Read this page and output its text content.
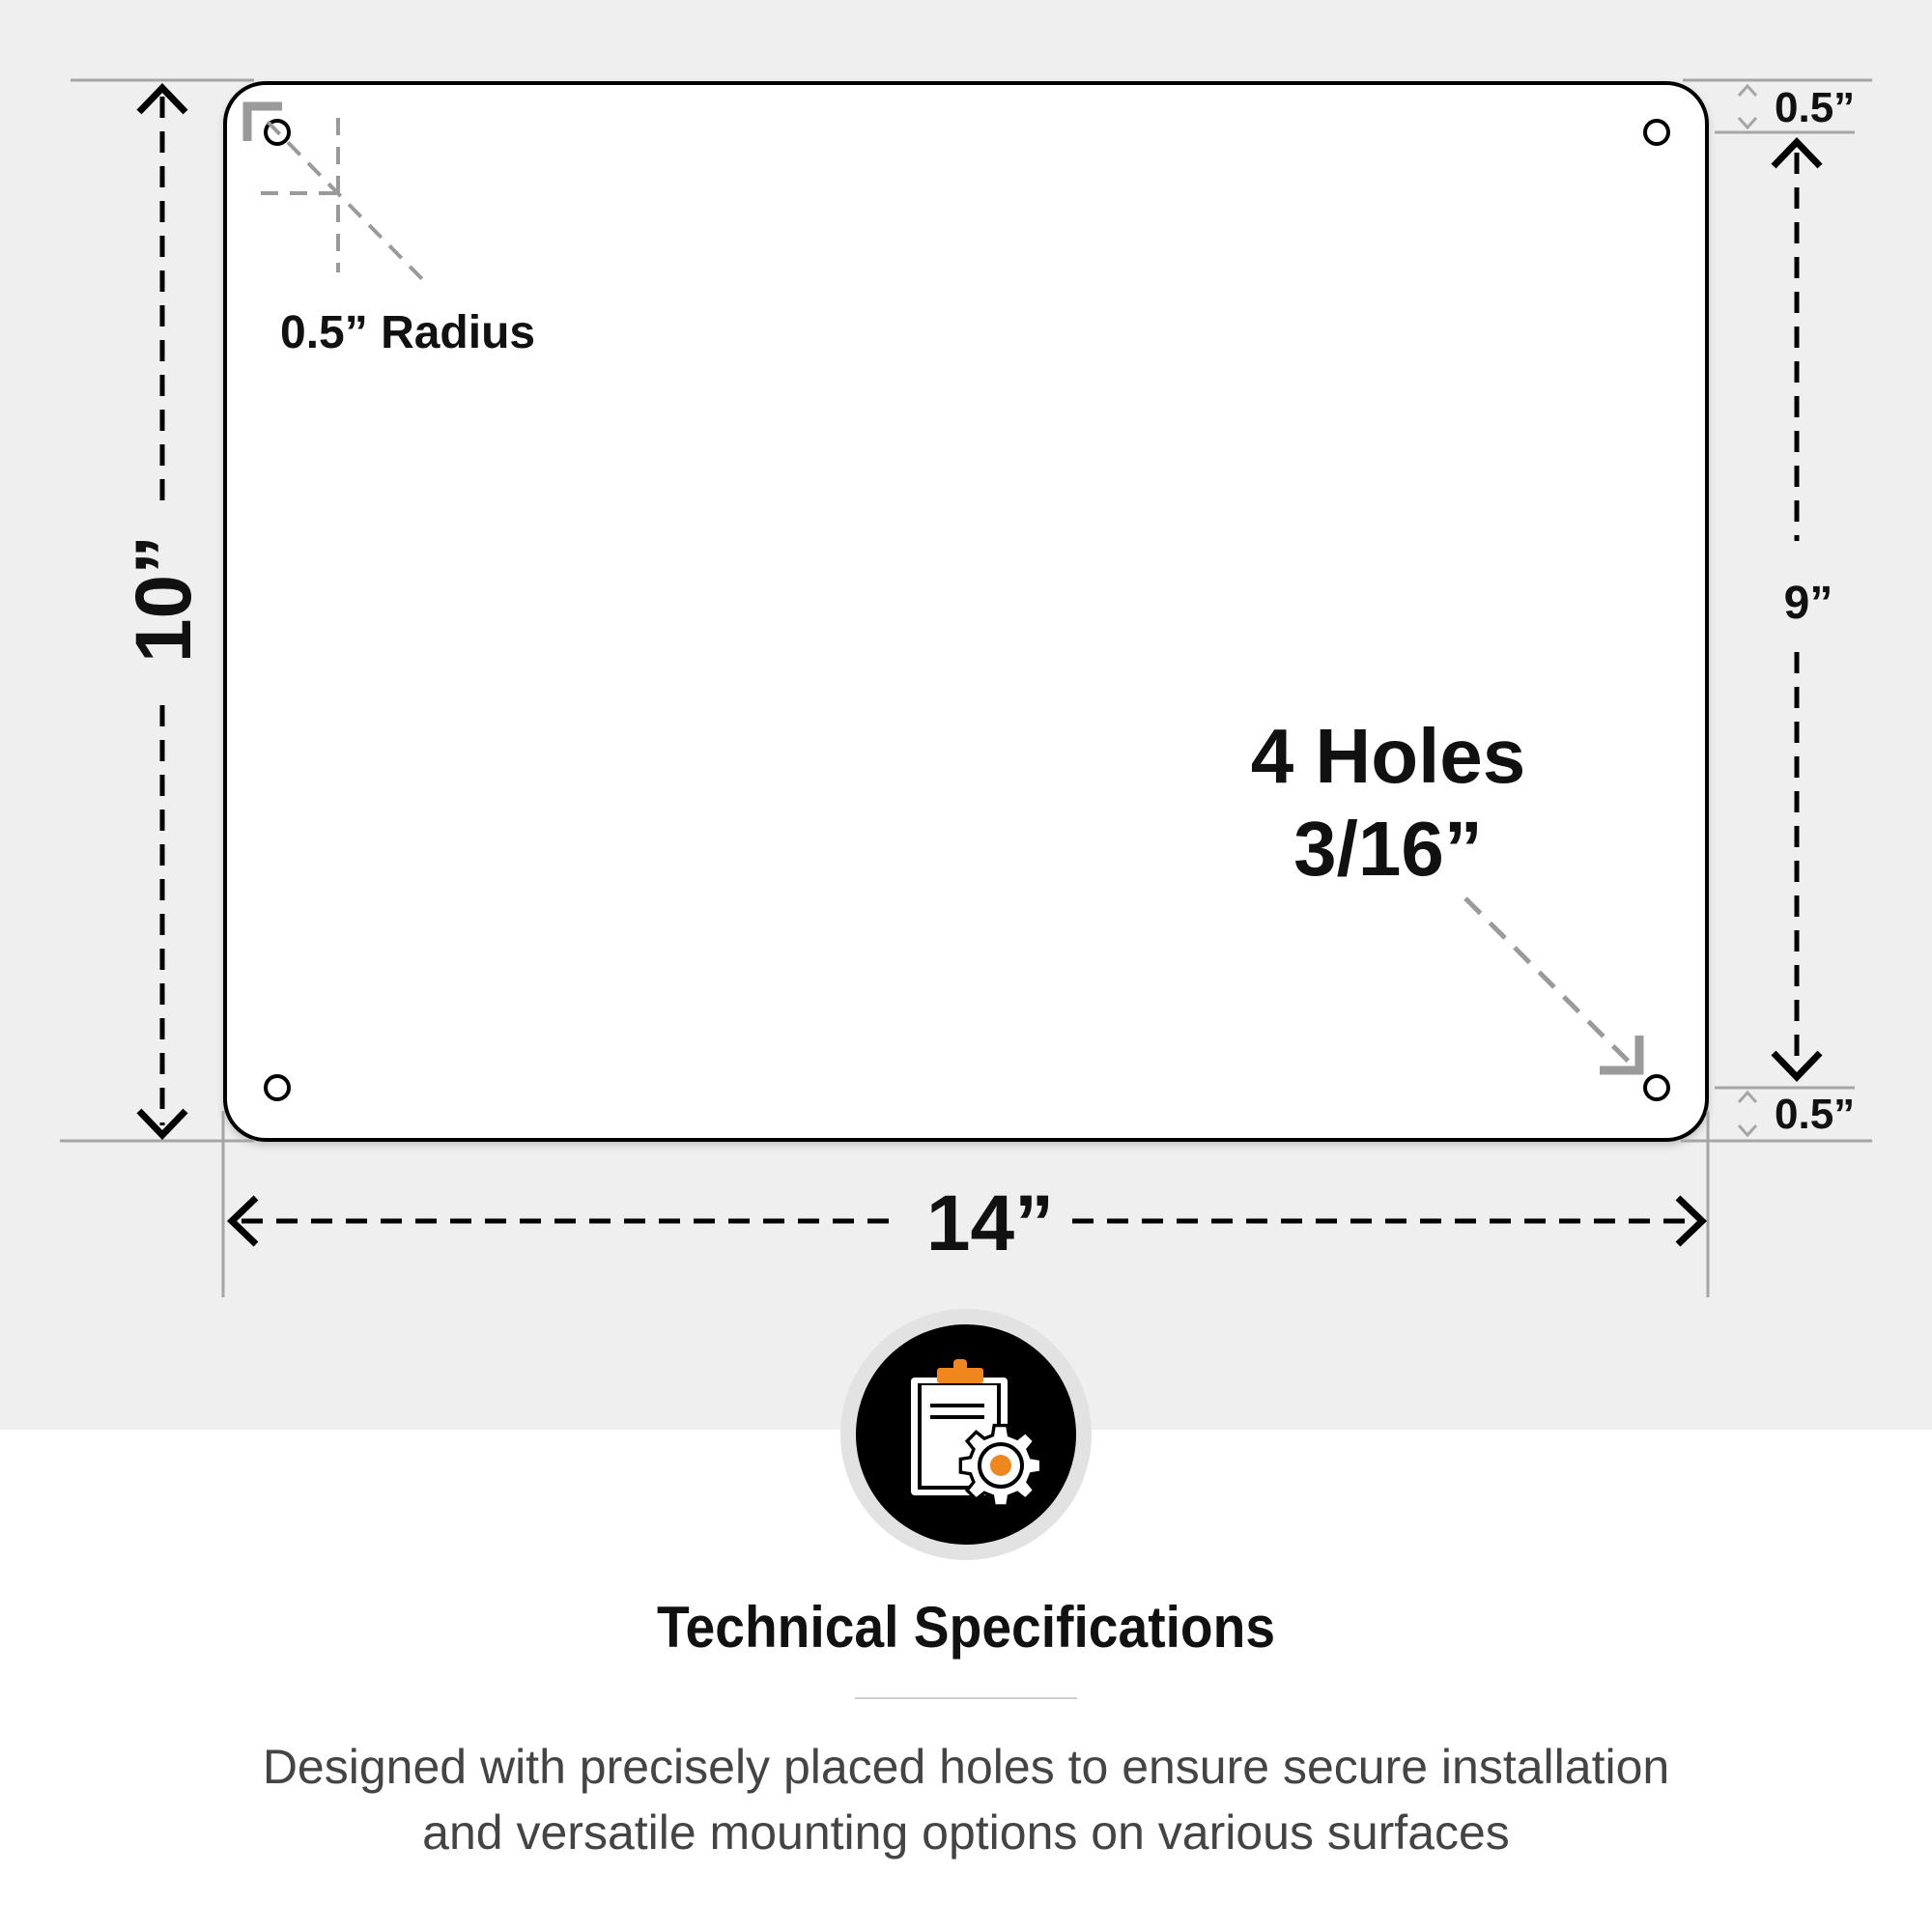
0.5” Radius
4 Holes
3/16”
10”
14”
0.5”
0.5”
9”
Technical Specifications

Designed with precisely placed holes to ensure secure installation
and versatile mounting options on various surfaces
